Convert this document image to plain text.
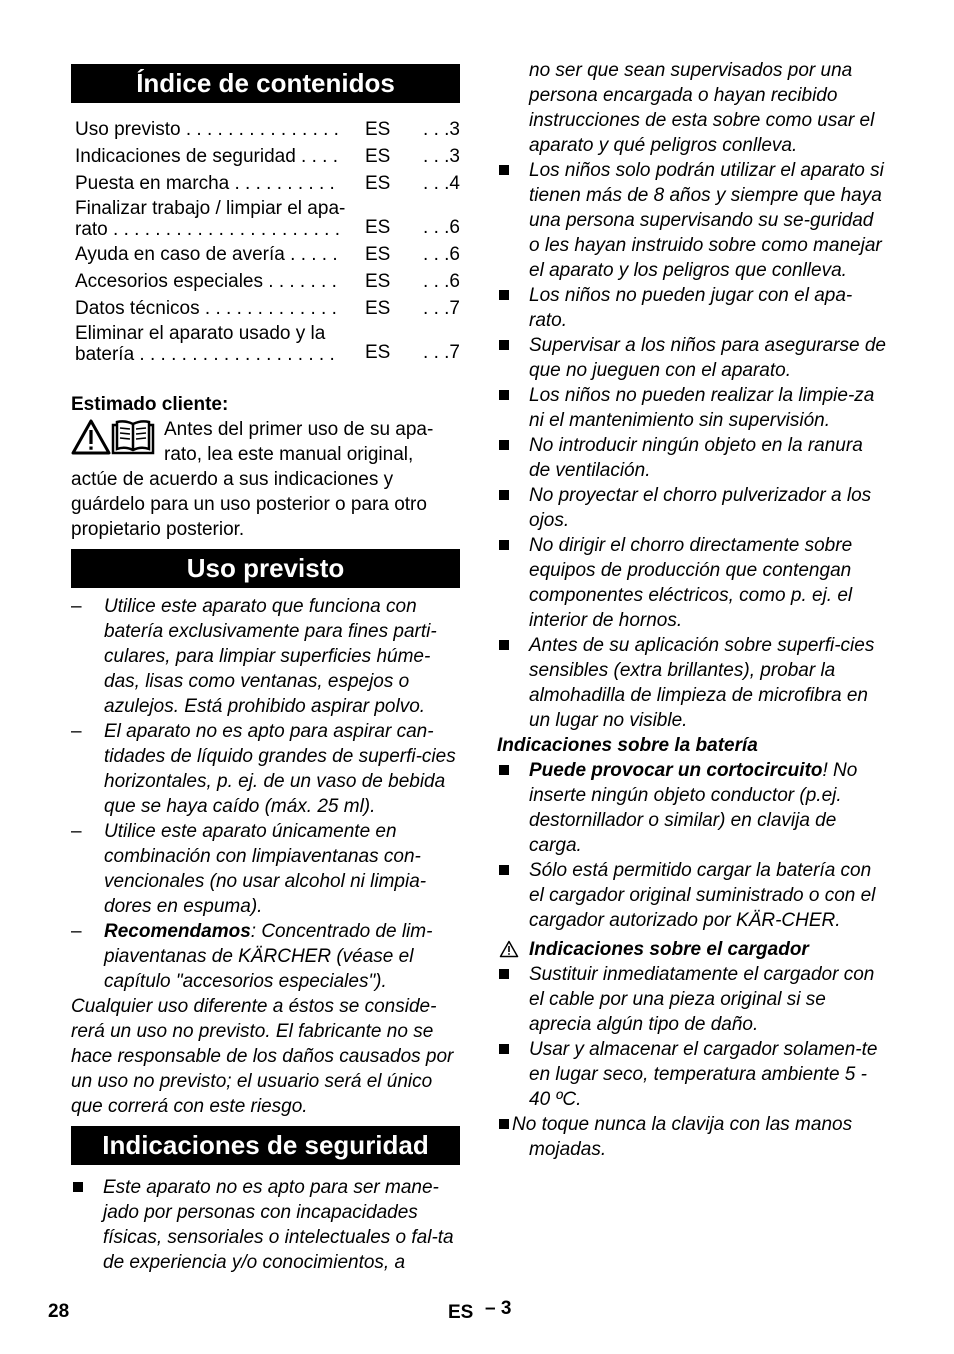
Índice de contenidos
Uso previsto . . . . . . . . . . . . . . .	ES	. . .3
Indicaciones de seguridad . . . .	ES	. . .3
Puesta en marcha . . . . . . . . . .	ES	. . .4
Finalizar trabajo / limpiar el apa-
rato . . . . . . . . . . . . . . . . . . . . . .	ES	. . .6
Ayuda en caso de avería . . . . .	ES	. . .6
Accesorios especiales . . . . . . .	ES	. . .6
Datos técnicos . . . . . . . . . . . . .	ES	. . .7
Eliminar el aparato usado y la
batería . . . . . . . . . . . . . . . . . . .	ES	. . .7

Estimado cliente:

Antes del primer uso de su apa-
rato, lea este manual original,

actúe de acuerdo a sus indicaciones y guárdelo para un uso posterior o para otro propietario posterior.

Uso previsto
– Utilice este aparato que funciona con batería exclusivamente para fines parti-culares, para limpiar superficies húme-das, lisas como ventanas, espejos o azulejos. Está prohibido aspirar polvo.
– El aparato no es apto para aspirar can-tidades de líquido grandes de superfi-cies horizontales, p. ej. de un vaso de bebida que se haya caído (máx. 25 ml).
– Utilice este aparato únicamente en combinación con limpiaventanas con-vencionales (no usar alcohol ni limpia-dores en espuma).
– Recomendamos: Concentrado de lim-piaventanas de KÄRCHER (véase el capítulo "accesorios especiales").

Cualquier uso diferente a éstos se conside-rerá un uso no previsto. El fabricante no se hace responsable de los daños causados por un uso no previsto; el usuario será el único que correrá con este riesgo.

Indicaciones de seguridad
Este aparato no es apto para ser mane-jado por personas con incapacidades físicas, sensoriales o intelectuales o fal-ta de experiencia y/o conocimientos, a

no ser que sean supervisados por una persona encargada o hayan recibido instrucciones de esta sobre como usar el aparato y qué peligros conlleva.

Los niños solo podrán utilizar el aparato si tienen más de 8 años y siempre que haya una persona supervisando su se-guridad o les hayan instruido sobre como manejar el aparato y los peligros que conlleva.
Los niños no pueden jugar con el apa-rato.
Supervisar a los niños para asegurarse de que no jueguen con el aparato.
Los niños no pueden realizar la limpie-za ni el mantenimiento sin supervisión.
No introducir ningún objeto en la ranura de ventilación.
No proyectar el chorro pulverizador a los ojos.
No dirigir el chorro directamente sobre equipos de producción que contengan componentes eléctricos, como p. ej. el interior de hornos.
Antes de su aplicación sobre superfi-cies sensibles (extra brillantes), probar la almohadilla de limpieza de microfibra en un lugar no visible.

Indicaciones sobre la batería

Puede provocar un cortocircuito! No inserte ningún objeto conductor (p.ej. destornillador o similar) en clavija de carga.
Sólo está permitido cargar la batería con el cargador original suministrado o con el cargador autorizado por KÄR-CHER.
Indicaciones sobre el cargador
Sustituir inmediatamente el cargador con el cable por una pieza original si se aprecia algún tipo de daño.
Usar y almacenar el cargador solamen-te en lugar seco, temperatura ambiente 5 - 40 ºC.
No toque nunca la clavija con las manos
mojadas.
28	ES – 3
